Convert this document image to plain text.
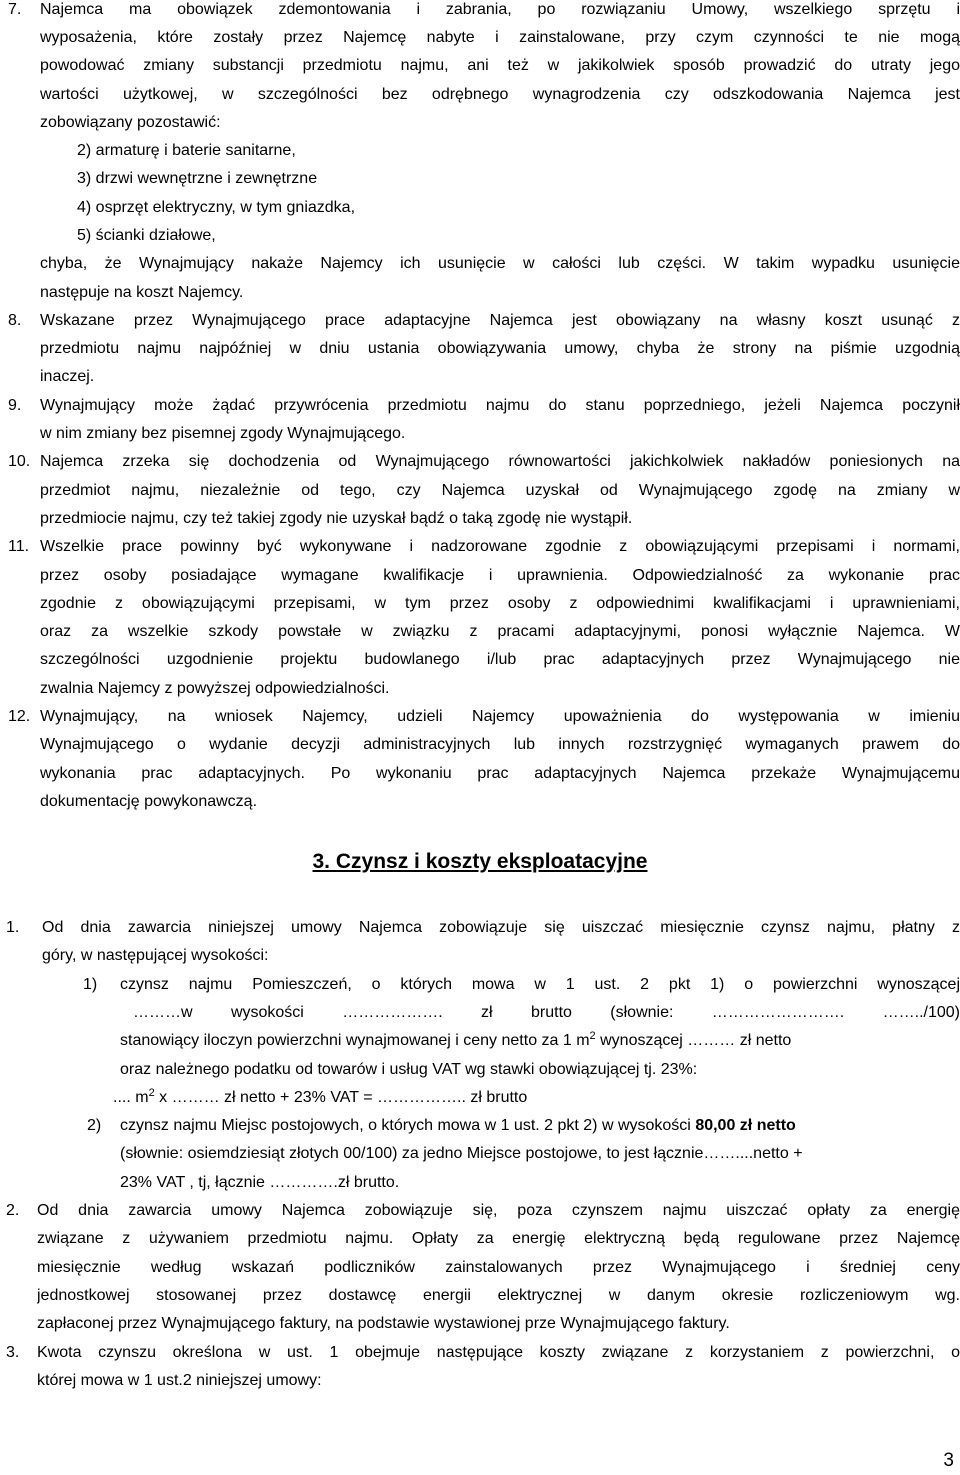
7. Najemca ma obowiązek zdemontowania i zabrania, po rozwiązaniu Umowy, wszelkiego sprzętu i
wyposażenia, które zostały przez Najemcę nabyte i zainstalowane, przy czym czynności te nie mogą
powodować zmiany substancji przedmiotu najmu, ani też w jakikolwiek sposób prowadzić do utraty jego
wartości użytkowej, w szczególności bez odrębnego wynagrodzenia czy odszkodowania Najemca jest
zobowiązany pozostawić:
2) armaturę i baterie sanitarne,
3) drzwi wewnętrzne i zewnętrzne
4) osprzęt elektryczny, w tym gniazdka,
5) ścianki działowe,
chyba, że Wynajmujący nakaże Najemcy ich usunięcie w całości lub części. W takim wypadku usunięcie
następuje na koszt Najemcy.
8. Wskazane przez Wynajmującego prace adaptacyjne Najemca jest obowiązany na własny koszt usunąć z
przedmiotu najmu najpóźniej w dniu ustania obowiązywania umowy, chyba że strony na piśmie uzgodnią
inaczej.
9. Wynajmujący może żądać przywrócenia przedmiotu najmu do stanu poprzedniego, jeżeli Najemca poczynił
w nim zmiany bez pisemnej zgody Wynajmującego.
10. Najemca zrzeka się dochodzenia od Wynajmującego równowartości jakichkolwiek nakładów poniesionych na
przedmiot najmu, niezależnie od tego, czy Najemca uzyskał od Wynajmującego zgodę na zmiany w
przedmiocie najmu, czy też takiej zgody nie uzyskał bądź o taką zgodę nie wystąpił.
11. Wszelkie prace powinny być wykonywane i nadzorowane zgodnie z obowiązującymi przepisami i normami,
przez osoby posiadające wymagane kwalifikacje i uprawnienia. Odpowiedzialność za wykonanie prac
zgodnie z obowiązującymi przepisami, w tym przez osoby z odpowiednimi kwalifikacjami i uprawnieniami,
oraz za wszelkie szkody powstałe w związku z pracami adaptacyjnymi, ponosi wyłącznie Najemca. W
szczególności uzgodnienie projektu budowlanego i/lub prac adaptacyjnych przez Wynajmującego nie
zwalnia Najemcy z powyższej odpowiedzialności.
12. Wynajmujący, na wniosek Najemcy, udzieli Najemcy upoważnienia do występowania w imieniu
Wynajmującego o wydanie decyzji administracyjnych lub innych rozstrzygnięć wymaganych prawem do
wykonania prac adaptacyjnych. Po wykonaniu prac adaptacyjnych Najemca przekaże Wynajmującemu
dokumentację powykonawczą.
3. Czynsz i koszty eksploatacyjne
1. Od dnia zawarcia niniejszej umowy Najemca zobowiązuje się uiszczać miesięcznie czynsz najmu, płatny z
góry, w następującej wysokości:
1) czynsz najmu Pomieszczeń, o których mowa w 1 ust. 2 pkt 1) o powierzchni wynoszącej
………w wysokości ………………. zł brutto (słownie: ……………………. ……../100)
stanowiący iloczyn powierzchni wynajmowanej i ceny netto za 1 $m^2$ wynoszącej ……… zł netto
oraz należnego podatku od towarów i usług VAT wg stawki obowiązującej tj. 23%:
.... $m^2$ x ……… zł netto + 23% VAT = …………….. zł brutto
2) czynsz najmu Miejsc postojowych, o których mowa w 1 ust. 2 pkt 2) w wysokości 80,00 zł netto
(słownie: osiemdziesiąt złotych 00/100) za jedno Miejsce postojowe, to jest łącznie……....netto +
23% VAT , tj, łącznie ………….zł brutto.
2. Od dnia zawarcia umowy Najemca zobowiązuje się, poza czynszem najmu uiszczać opłaty za energię
związane z używaniem przedmiotu najmu. Opłaty za energię elektryczną będą regulowane przez Najemcę
miesięcznie według wskazań podliczników zainstalowanych przez Wynajmującego i średniej ceny
jednostkowej stosowanej przez dostawcę energii elektrycznej w danym okresie rozliczeniowym wg.
zapłaconej przez Wynajmującego faktury, na podstawie wystawionej prze Wynajmującego faktury.
3. Kwota czynszu określona w ust. 1 obejmuje następujące koszty związane z korzystaniem z powierzchni, o
której mowa w 1 ust.2 niniejszej umowy:
3
